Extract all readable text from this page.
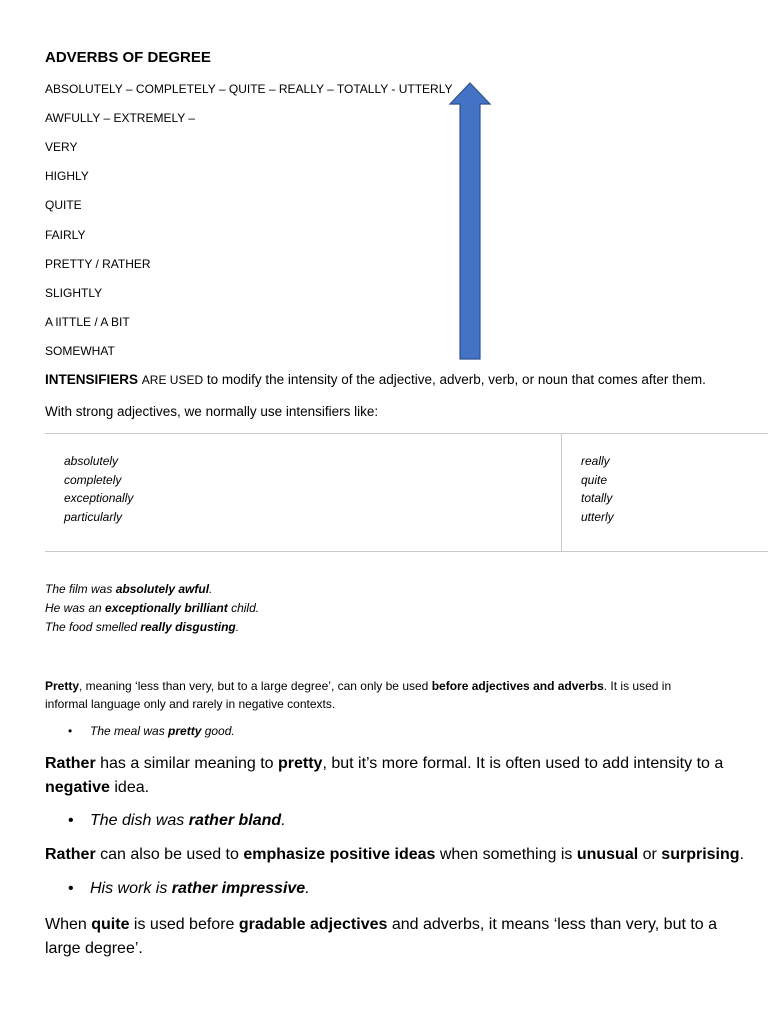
ADVERBS OF DEGREE
ABSOLUTELY – COMPLETELY – QUITE – REALLY – TOTALLY - UTTERLY
AWFULLY – EXTREMELY –
VERY
HIGHLY
QUITE
FAIRLY
PRETTY / RATHER
SLIGHTLY
A lITTLE / A BIT
SOMEWHAT
INTENSIFIERS ARE USED to modify the intensity of the adjective, adverb, verb, or noun that comes after them.
With strong adjectives, we normally use intensifiers like:
absolutely
completely
exceptionally
particularly
really
quite
totally
utterly
The film was absolutely awful.
He was an exceptionally brilliant child.
The food smelled really disgusting.
Pretty, meaning ‘less than very, but to a large degree’, can only be used before adjectives and adverbs. It is used in informal language only and rarely in negative contexts.
• The meal was pretty good.
Rather has a similar meaning to pretty, but it’s more formal. It is often used to add intensity to a negative idea.
• The dish was rather bland.
Rather can also be used to emphasize positive ideas when something is unusual or surprising.
• His work is rather impressive.
When quite is used before gradable adjectives and adverbs, it means ‘less than very, but to a large degree’.
